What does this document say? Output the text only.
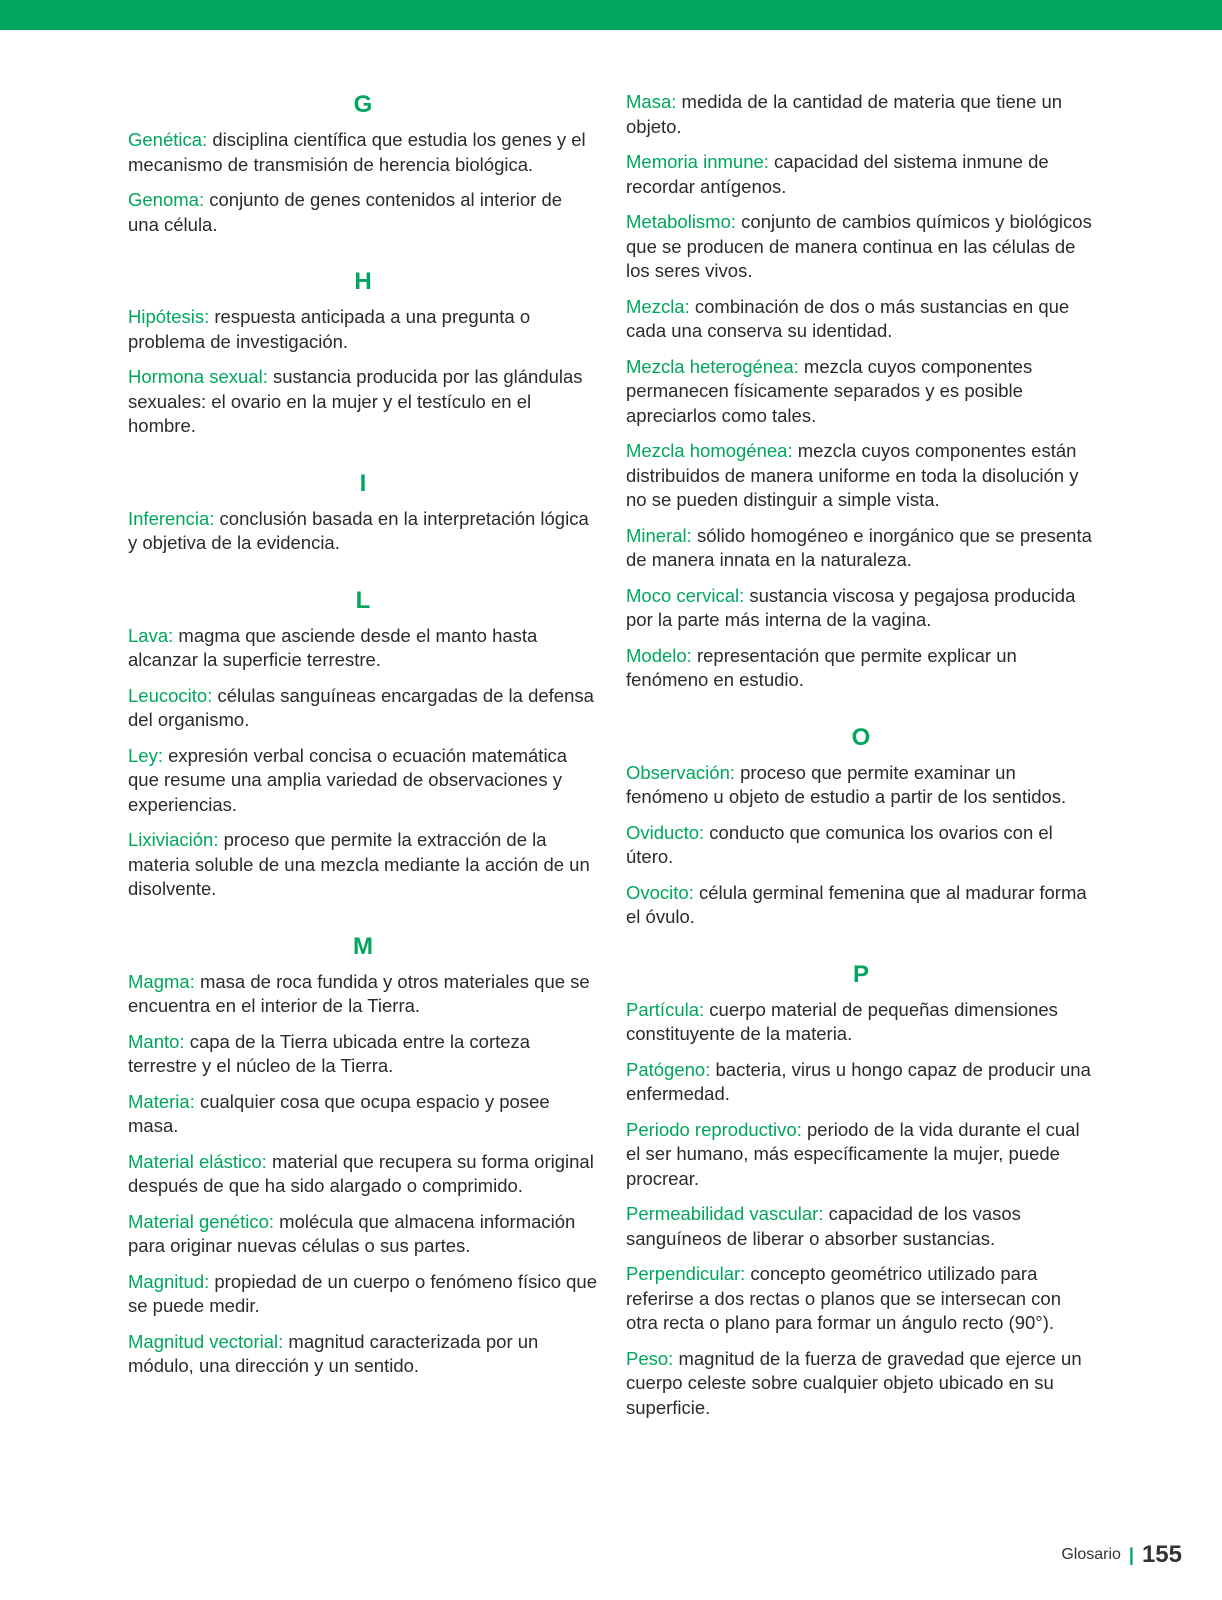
G

Genética: disciplina científica que estudia los genes y el mecanismo de transmisión de herencia biológica.

Genoma: conjunto de genes contenidos al interior de una célula.

H

Hipótesis: respuesta anticipada a una pregunta o problema de investigación.

Hormona sexual: sustancia producida por las glándulas sexuales: el ovario en la mujer y el testículo en el hombre.

I

Inferencia: conclusión basada en la interpretación lógica y objetiva de la evidencia.

L

Lava: magma que asciende desde el manto hasta alcanzar la superficie terrestre.

Leucocito: células sanguíneas encargadas de la defensa del organismo.

Ley: expresión verbal concisa o ecuación matemática que resume una amplia variedad de observaciones y experiencias.

Lixiviación: proceso que permite la extracción de la materia soluble de una mezcla mediante la acción de un disolvente.

M

Magma: masa de roca fundida y otros materiales que se encuentra en el interior de la Tierra.

Manto: capa de la Tierra ubicada entre la corteza terrestre y el núcleo de la Tierra.

Materia: cualquier cosa que ocupa espacio y posee masa.

Material elástico: material que recupera su forma original después de que ha sido alargado o comprimido.

Material genético: molécula que almacena información para originar nuevas células o sus partes.

Magnitud: propiedad de un cuerpo o fenómeno físico que se puede medir.

Magnitud vectorial: magnitud caracterizada por un módulo, una dirección y un sentido.

Masa: medida de la cantidad de materia que tiene un objeto.

Memoria inmune: capacidad del sistema inmune de recordar antígenos.

Metabolismo: conjunto de cambios químicos y biológicos que se producen de manera continua en las células de los seres vivos.

Mezcla: combinación de dos o más sustancias en que cada una conserva su identidad.

Mezcla heterogénea: mezcla cuyos componentes permanecen físicamente separados y es posible apreciarlos como tales.

Mezcla homogénea: mezcla cuyos componentes están distribuidos de manera uniforme en toda la disolución y no se pueden distinguir a simple vista.

Mineral: sólido homogéneo e inorgánico que se presenta de manera innata en la naturaleza.

Moco cervical: sustancia viscosa y pegajosa producida por la parte más interna de la vagina.

Modelo: representación que permite explicar un fenómeno en estudio.

O

Observación: proceso que permite examinar un fenómeno u objeto de estudio a partir de los sentidos.

Oviducto: conducto que comunica los ovarios con el útero.

Ovocito: célula germinal femenina que al madurar forma el óvulo.

P

Partícula: cuerpo material de pequeñas dimensiones constituyente de la materia.

Patógeno: bacteria, virus u hongo capaz de producir una enfermedad.

Periodo reproductivo: periodo de la vida durante el cual el ser humano, más específicamente la mujer, puede procrear.

Permeabilidad vascular: capacidad de los vasos sanguíneos de liberar o absorber sustancias.

Perpendicular: concepto geométrico utilizado para referirse a dos rectas o planos que se intersecan con otra recta o plano para formar un ángulo recto (90°).

Peso: magnitud de la fuerza de gravedad que ejerce un cuerpo celeste sobre cualquier objeto ubicado en su superficie.

Glosario | 155
